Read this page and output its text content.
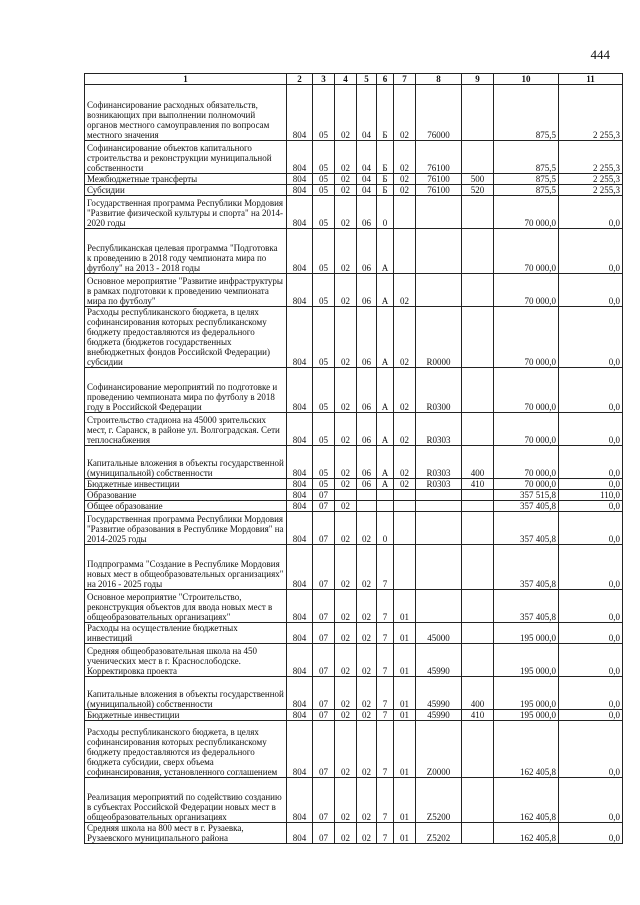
444
1	2	3	4	5	6	7	8	9	10	11
Софинансирование расходных обязательств, возникающих при выполнении полномочий органов местного самоуправления по вопросам местного значения	804	05	02	04	Б	02	76000		875,5	2 255,3
Софинансирование объектов капитального строительства и реконструкции муниципальной собственности	804	05	02	04	Б	02	76100		875,5	2 255,3
Межбюджетные трансферты	804	05	02	04	Б	02	76100	500	875,5	2 255,3
Субсидии	804	05	02	04	Б	02	76100	520	875,5	2 255,3
Государственная программа Республики Мордовия "Развитие физической культуры и спорта" на 2014-2020 годы	804	05	02	06	0				70 000,0	0,0
Республиканская целевая программа "Подготовка к проведению в 2018 году чемпионата мира по футболу" на 2013 - 2018 годы	804	05	02	06	А				70 000,0	0,0
Основное мероприятие "Развитие инфраструктуры в рамках подготовки к проведению чемпионата мира по футболу"	804	05	02	06	А	02			70 000,0	0,0
Расходы республиканского бюджета, в целях софинансирования которых республиканскому бюджету предоставляются из федерального бюджета (бюджетов государственных внебюджетных фондов Российской Федерации) субсидии	804	05	02	06	А	02	R0000		70 000,0	0,0
Софинансирование мероприятий по подготовке и проведению чемпионата мира по футболу в 2018 году в Российской Федерации	804	05	02	06	А	02	R0300		70 000,0	0,0
Строительство стадиона на 45000 зрительских мест, г. Саранск, в районе ул. Волгоградская. Сети теплоснабжения	804	05	02	06	А	02	R0303		70 000,0	0,0
Капитальные вложения в объекты государственной (муниципальной) собственности	804	05	02	06	А	02	R0303	400	70 000,0	0,0
Бюджетные инвестиции	804	05	02	06	А	02	R0303	410	70 000,0	0,0
Образование	804	07							357 515,8	110,0
Общее образование	804	07	02						357 405,8	0,0
Государственная программа Республики Мордовия "Развитие образования в Республике Мордовия" на 2014-2025 годы	804	07	02	02	0				357 405,8	0,0
Подпрограмма "Создание в Республике Мордовия новых мест в общеобразовательных организациях" на 2016 - 2025 годы	804	07	02	02	7				357 405,8	0,0
Основное мероприятие "Строительство, реконструкция объектов для ввода новых мест в общеобразовательных организациях"	804	07	02	02	7	01			357 405,8	0,0
Расходы на осуществление бюджетных инвестиций	804	07	02	02	7	01	45000		195 000,0	0,0
Средняя общеобразовательная школа на 450 ученических мест в г. Краснослободске. Корректировка проекта	804	07	02	02	7	01	45990		195 000,0	0,0
Капитальные вложения в объекты государственной (муниципальной) собственности	804	07	02	02	7	01	45990	400	195 000,0	0,0
Бюджетные инвестиции	804	07	02	02	7	01	45990	410	195 000,0	0,0
Расходы республиканского бюджета, в целях софинансирования которых республиканскому бюджету предоставляются из федерального бюджета субсидии, сверх объема софинансирования, установленного соглашением	804	07	02	02	7	01	Z0000		162 405,8	0,0
Реализация мероприятий по содействию созданию в субъектах Российской Федерации новых мест в общеобразовательных организациях	804	07	02	02	7	01	Z5200		162 405,8	0,0
Средняя школа на 800 мест в г. Рузаевка, Рузаевского муниципального района	804	07	02	02	7	01	Z5202		162 405,8	0,0
